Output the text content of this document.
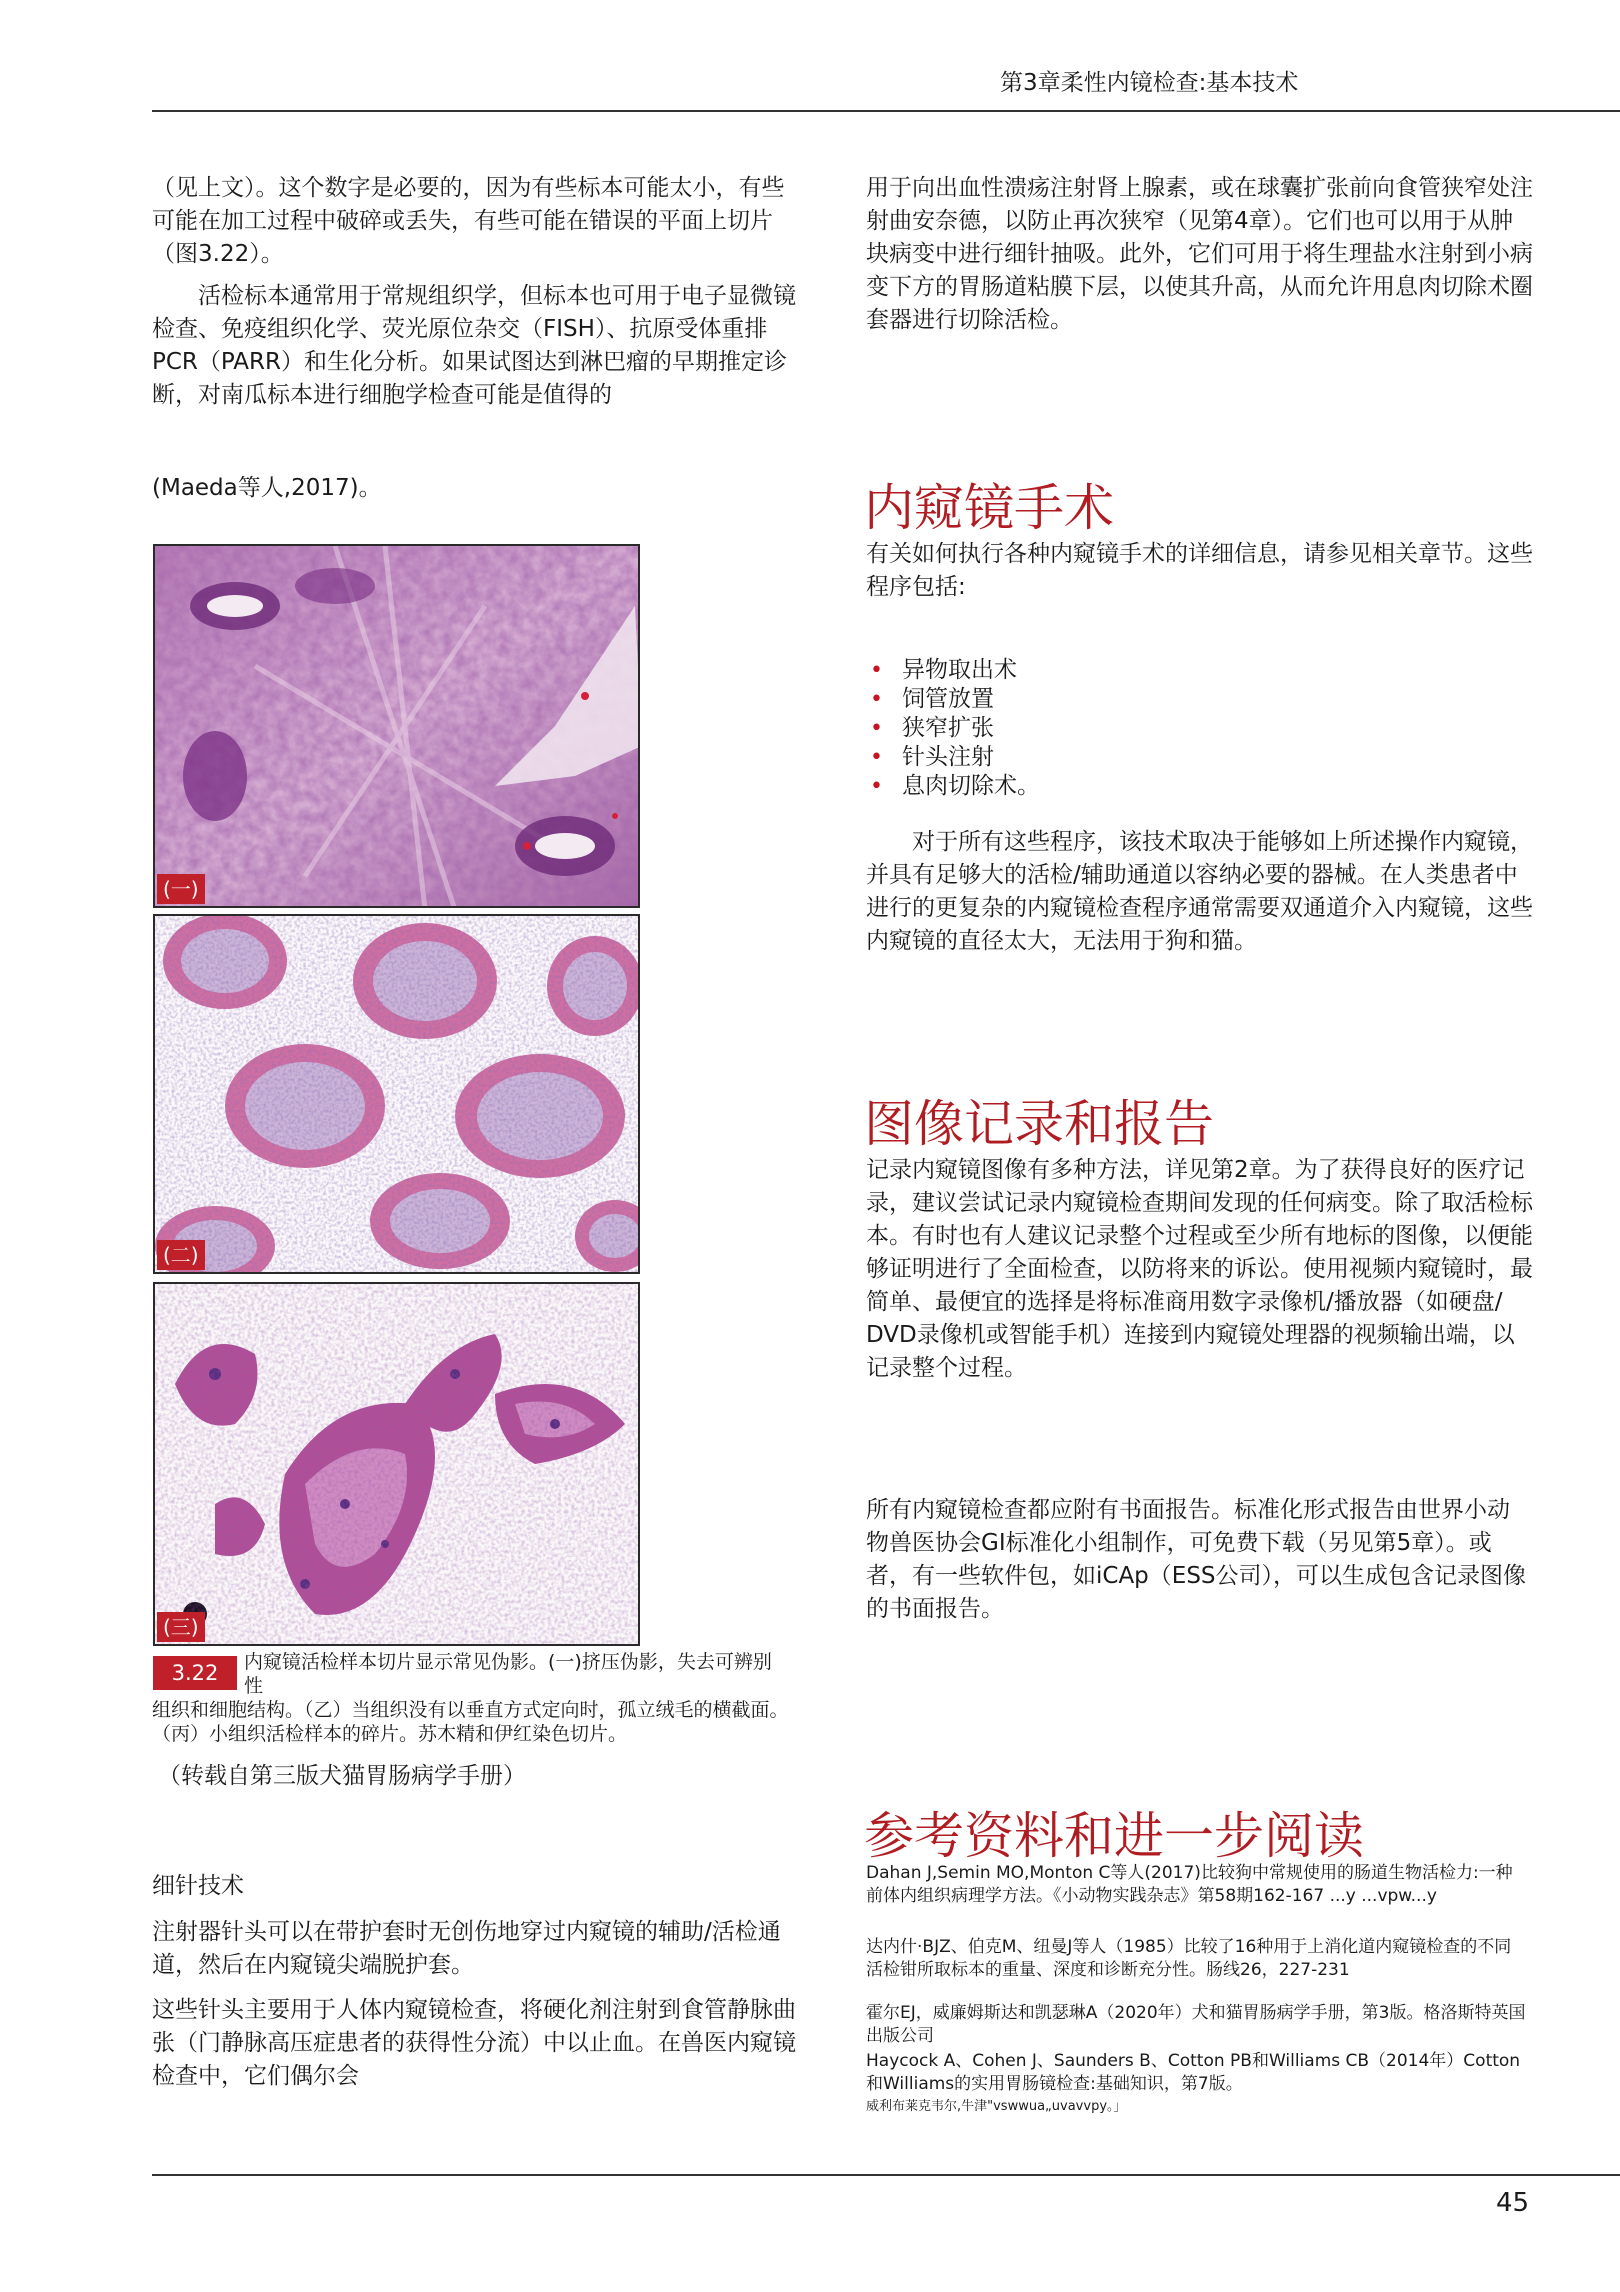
第3章柔性内镜检查:基本技术

（见上文）。这个数字是必要的，因为有些标本可能太小，有些可能在加工过程中破碎或丢失，有些可能在错误的平面上切片（图3.22）。

活检标本通常用于常规组织学，但标本也可用于电子显微镜检查、免疫组织化学、荧光原位杂交（FISH）、抗原受体重排PCR（PARR）和生化分析。如果试图达到淋巴瘤的早期推定诊断，对南瓜标本进行细胞学检查可能是值得的

(Maeda等人,2017)。

(一)
(二)
(三)
3.22	内窥镜活检样本切片显示常见伪影。(一)挤压伪影，失去可辨别性

组织和细胞结构。（乙）当组织没有以垂直方式定向时，孤立绒毛的横截面。（丙）小组织活检样本的碎片。苏木精和伊红染色切片。

（转载自第三版犬猫胃肠病学手册）

细针技术

注射器针头可以在带护套时无创伤地穿过内窥镜的辅助/活检通道，然后在内窥镜尖端脱护套。

这些针头主要用于人体内窥镜检查，将硬化剂注射到食管静脉曲张（门静脉高压症患者的获得性分流）中以止血。在兽医内窥镜检查中，它们偶尔会

用于向出血性溃疡注射肾上腺素，或在球囊扩张前向食管狭窄处注射曲安奈德，以防止再次狭窄（见第4章）。它们也可以用于从肿块病变中进行细针抽吸。此外，它们可用于将生理盐水注射到小病变下方的胃肠道粘膜下层，以使其升高，从而允许用息肉切除术圈套器进行切除活检。

内窥镜手术

有关如何执行各种内窥镜手术的详细信息，请参见相关章节。这些程序包括:

• 异物取出术
• 饲管放置
• 狭窄扩张
• 针头注射
• 息肉切除术。

对于所有这些程序，该技术取决于能够如上所述操作内窥镜，并具有足够大的活检/辅助通道以容纳必要的器械。在人类患者中进行的更复杂的内窥镜检查程序通常需要双通道介入内窥镜，这些内窥镜的直径太大，无法用于狗和猫。

图像记录和报告

记录内窥镜图像有多种方法，详见第2章。为了获得良好的医疗记录，建议尝试记录内窥镜检查期间发现的任何病变。除了取活检标本。有时也有人建议记录整个过程或至少所有地标的图像，以便能够证明进行了全面检查，以防将来的诉讼。使用视频内窥镜时，最简单、最便宜的选择是将标准商用数字录像机/播放器（如硬盘/ DVD录像机或智能手机）连接到内窥镜处理器的视频输出端，以记录整个过程。

所有内窥镜检查都应附有书面报告。标准化形式报告由世界小动物兽医协会GI标准化小组制作，可免费下载（另见第5章）。或者，有一些软件包，如iCAp（ESS公司），可以生成包含记录图像的书面报告。

参考资料和进一步阅读

Dahan J,Semin MO,Monton C等人(2017)比较狗中常规使用的肠道生物活检力:一种前体内组织病理学方法。《小动物实践杂志》第58期162-167 ...y ...vpw...y

达内什·BJZ、伯克M、纽曼J等人（1985）比较了16种用于上消化道内窥镜检查的不同活检钳所取标本的重量、深度和诊断充分性。肠线26，227-231

霍尔EJ，威廉姆斯达和凯瑟琳A（2020年）犬和猫胃肠病学手册，第3版。格洛斯特英国出版公司

Haycock A、Cohen J、Saunders B、Cotton PB和Williams CB（2014年）Cotton和Williams的实用胃肠镜检查:基础知识，第7版。

威利布莱克韦尔,牛津"vswwua„uvavvpy。」

45
